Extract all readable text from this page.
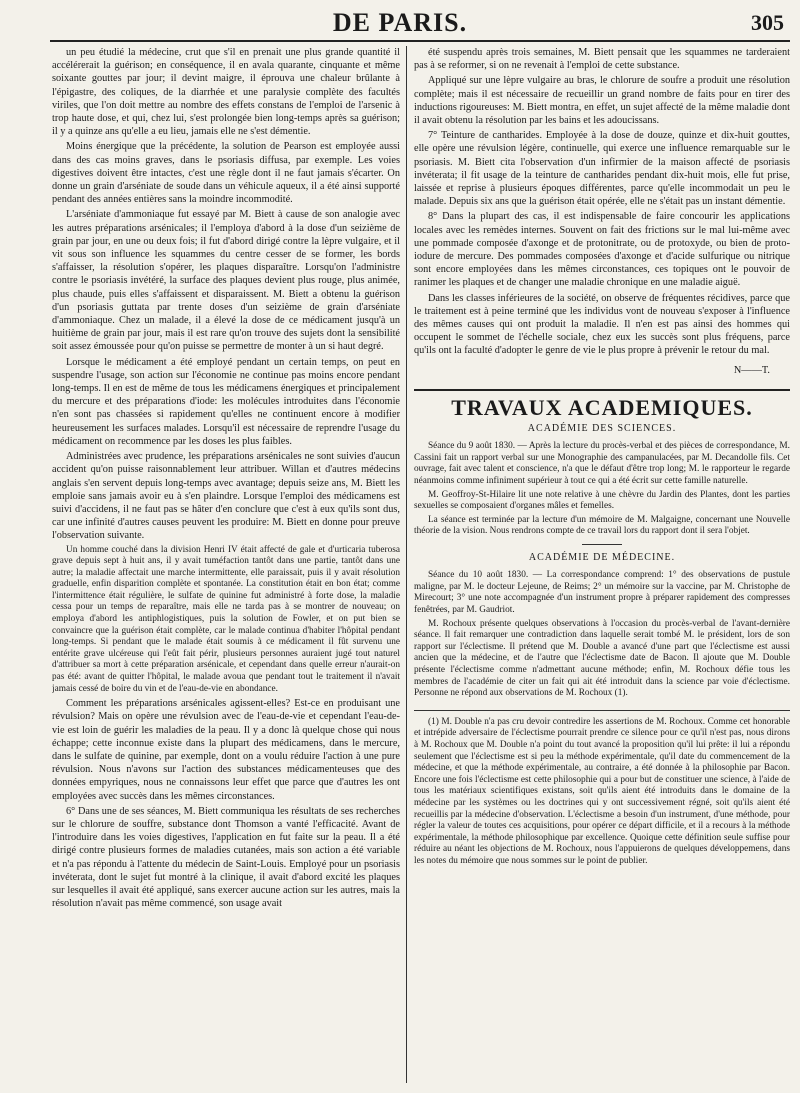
DE PARIS.	305

un peu étudié la médecine, crut que s'il en prenait une plus grande quantité il accélérerait la guérison; en conséquence, il en avala quarante, cinquante et même soixante gouttes par jour; il devint maigre, il éprouva une chaleur brûlante à l'épigastre, des coliques, de la diarrhée et une paralysie complète des facultés viriles, que l'on doit mettre au nombre des effets constans de l'emploi de l'arsenic à trop haute dose, et qui, chez lui, s'est prolongée bien long-temps après sa guérison; il y a quinze ans qu'elle a eu lieu, jamais elle ne s'est démentie.

Moins énergique que la précédente, la solution de Pearson est employée aussi dans des cas moins graves, dans le psoriasis diffusa, par exemple. Les voies digestives doivent être intactes, c'est une règle dont il ne faut jamais s'écarter. On donne un grain d'arséniate de soude dans un véhicule aqueux, il a été ainsi supporté pendant des années entières sans la moindre incommodité.

L'arséniate d'ammoniaque fut essayé par M. Biett à cause de son analogie avec les autres préparations arsénicales; il l'employa d'abord à la dose d'un seizième de grain par jour, en une ou deux fois; il fut d'abord dirigé contre la lèpre vulgaire, et il vit sous son influence les squammes du centre cesser de se former, les bords s'affaisser, la résolution s'opérer, les plaques disparaître. Lorsqu'on l'administre contre le psoriasis invétéré, la surface des plaques devient plus rouge, plus animée, plus chaude, puis elles s'affaissent et disparaissent. M. Biett a obtenu la guérison d'un psoriasis guttata par trente doses d'un seizième de grain d'arséniate d'ammoniaque. Chez un malade, il a élevé la dose de ce médicament jusqu'à un huitième de grain par jour, mais il est rare qu'on trouve des sujets dont la sensibilité soit assez émoussée pour qu'on puisse se permettre de monter à un si haut degré.

Lorsque le médicament a été employé pendant un certain temps, on peut en suspendre l'usage, son action sur l'économie ne continue pas moins encore pendant long-temps. Il en est de même de tous les médicamens énergiques et principalement du mercure et des préparations d'iode: les molécules introduites dans l'économie n'en sont pas chassées si rapidement qu'elles ne continuent encore à modifier heureusement les surfaces malades. Lorsqu'il est nécessaire de reprendre l'usage du médicament on recommence par les doses les plus faibles.

Administrées avec prudence, les préparations arsénicales ne sont suivies d'aucun accident qu'on puisse raisonnablement leur attribuer. Willan et d'autres médecins anglais s'en servent depuis long-temps avec avantage; depuis seize ans, M. Biett les emploie sans jamais avoir eu à s'en plaindre. Lorsque l'emploi des médicamens est suivi d'accidens, il ne faut pas se hâter d'en conclure que c'est à eux qu'ils sont dus, car une infinité d'autres causes peuvent les produire: M. Biett en donne pour preuve l'observation suivante.

Un homme couché dans la division Henri IV était affecté de gale et d'urticaria tuberosa grave depuis sept à huit ans, il y avait tuméfaction tantôt dans une partie, tantôt dans une autre; la maladie affectait une marche intermittente, elle paraissait, puis il y avait résolution graduelle, enfin disparition complète et spontanée. La constitution était en bon état; comme l'intermittence était régulière, le sulfate de quinine fut administré à forte dose, la maladie cessa pour un temps de reparaître, mais elle ne tarda pas à se montrer de nouveau; on employa d'abord les antiphlogistiques, puis la solution de Fowler, et on put bien se convaincre que la guérison était complète, car le malade continua d'habiter l'hôpital pendant long-temps. Si pendant que le malade était soumis à ce médicament il fût survenu une entérite grave ulcéreuse qui l'eût fait périr, plusieurs personnes auraient jugé tout naturel d'attribuer sa mort à cette préparation arsénicale, et cependant dans quelle erreur n'aurait-on pas été: avant de quitter l'hôpital, le malade avoua que pendant tout le traitement il n'avait jamais cessé de boire du vin et de l'eau-de-vie en abondance.

Comment les préparations arsénicales agissent-elles? Est-ce en produisant une révulsion? Mais on opère une révulsion avec de l'eau-de-vie et cependant l'eau-de-vie est loin de guérir les maladies de la peau. Il y a donc là quelque chose qui nous échappe; cette inconnue existe dans la plupart des médicamens, dans le mercure, dans le sulfate de quinine, par exemple, dont on a voulu réduire l'action à une pure révulsion. Nous n'avons sur l'action des substances médicamenteuses que des données empyriques, nous ne connaissons leur effet que parce que d'autres les ont employées avec succès dans les mêmes circonstances.

6° Dans une de ses séances, M. Biett communiqua les résultats de ses recherches sur le chlorure de souffre, substance dont Thomson a vanté l'efficacité. Avant de l'introduire dans les voies digestives, l'application en fut faite sur la peau. Il a été dirigé contre plusieurs formes de maladies cutanées, mais son action a été variable et n'a pas répondu à l'attente du médecin de Saint-Louis. Employé pour un psoriasis invéterata, dont le sujet fut montré à la clinique, il avait d'abord excité les plaques sur lesquelles il avait été appliqué, sans exercer aucune action sur les autres, mais la résolution n'avait pas même commencé, son usage avait

été suspendu après trois semaines, M. Biett pensait que les squammes ne tarderaient pas à se reformer, si on ne revenait à l'emploi de cette substance.

Appliqué sur une lèpre vulgaire au bras, le chlorure de soufre a produit une résolution complète; mais il est nécessaire de recueillir un grand nombre de faits pour en tirer des inductions rigoureuses: M. Biett montra, en effet, un sujet affecté de la même maladie dont il avait obtenu la résolution par les bains et les adoucissans.

7° Teinture de cantharides. Employée à la dose de douze, quinze et dix-huit gouttes, elle opère une révulsion légère, continuelle, qui exerce une influence remarquable sur le psoriasis. M. Biett cita l'observation d'un infirmier de la maison affecté de psoriasis invéterata; il fit usage de la teinture de cantharides pendant dix-huit mois, elle fut prise, laissée et reprise à plusieurs époques différentes, parce qu'elle incommodait un peu le malade. Depuis six ans que la guérison était opérée, elle ne s'était pas un instant démentie.

8° Dans la plupart des cas, il est indispensable de faire concourir les applications locales avec les remèdes internes. Souvent on fait des frictions sur le mal lui-même avec une pommade composée d'axonge et de protonitrate, ou de protoxyde, ou bien de proto-iodure de mercure. Des pommades composées d'axonge et d'acide sulfurique ou nitrique sont encore employées dans les mêmes circonstances, ces topiques ont le pouvoir de ranimer les plaques et de changer une maladie chronique en une maladie aiguë.

Dans les classes inférieures de la société, on observe de fréquentes récidives, parce que le traitement est à peine terminé que les individus vont de nouveau s'exposer à l'influence des mêmes causes qui ont produit la maladie. Il n'en est pas ainsi des hommes qui occupent le sommet de l'échelle sociale, chez eux les succès sont plus fréquens, parce qu'ils ont la faculté d'adopter le genre de vie le plus propre à prévenir le retour du mal.

N——T.

TRAVAUX ACADEMIQUES.
ACADÉMIE DES SCIENCES.

Séance du 9 août 1830. — Après la lecture du procès-verbal et des pièces de correspondance, M. Cassini fait un rapport verbal sur une Monographie des campanulacées, par M. Decandolle fils. Cet ouvrage, fait avec talent et conscience, n'a que le défaut d'être trop long; M. le rapporteur le regarde néanmoins comme infiniment supérieur à tout ce qui a été écrit sur cette famille naturelle.

M. Geoffroy-St-Hilaire lit une note relative à une chèvre du Jardin des Plantes, dont les parties sexuelles se composaient d'organes mâles et femelles.

La séance est terminée par la lecture d'un mémoire de M. Malgaigne, concernant une Nouvelle théorie de la vision. Nous rendrons compte de ce travail lors du rapport dont il sera l'objet.

ACADÉMIE DE MÉDECINE.

Séance du 10 août 1830. — La correspondance comprend: 1° des observations de pustule maligne, par M. le docteur Lejeune, de Reims; 2° un mémoire sur la vaccine, par M. Christophe de Mirecourt; 3° une note accompagnée d'un instrument propre à préparer rapidement des compresses fenêtrées, par M. Gaudriot.

M. Rochoux présente quelques observations à l'occasion du procès-verbal de l'avant-dernière séance. Il fait remarquer une contradiction dans laquelle serait tombé M. le président, lors de son rapport sur l'éclectisme. Il prétend que M. Double a avancé d'une part que l'éclectisme est aussi ancien que la médecine, et de l'autre que l'éclectisme date de Bacon. Il ajoute que M. Double présente l'éclectisme comme n'admettant aucune méthode; enfin, M. Rochoux défie tous les membres de l'académie de citer un fait qui ait été introduit dans la science par voie d'éclectisme. Personne ne répond aux observations de M. Rochoux (1).

(1) M. Double n'a pas cru devoir contredire les assertions de M. Rochoux. Comme cet honorable et intrépide adversaire de l'éclectisme pourrait prendre ce silence pour ce qu'il n'est pas, nous dirons à M. Rochoux que M. Double n'a point du tout avancé la proposition qu'il lui prête: il lui a répondu seulement que l'éclectisme est si peu la méthode expérimentale, qu'il date du commencement de la médecine, et que la méthode expérimentale, au contraire, a été donnée à la philosophie par Bacon. Encore une fois l'éclectisme est cette philosophie qui a pour but de constituer une science, à l'aide de tous les matériaux scientifiques existans, soit qu'ils aient été introduits dans le domaine de la médecine par les systèmes ou les doctrines qui y ont successivement régné, soit qu'ils aient été recueillis par la médecine d'observation. L'éclectisme a besoin d'un instrument, d'une méthode, pour régler la valeur de toutes ces acquisitions, pour opérer ce départ difficile, et il a recours à la méthode expérimentale, la méthode philosophique par excellence. Quoique cette définition seule suffise pour réduire au néant les objections de M. Rochoux, nous l'appuierons de quelques développemens, dans les notes du mémoire que nous sommes sur le point de publier.
